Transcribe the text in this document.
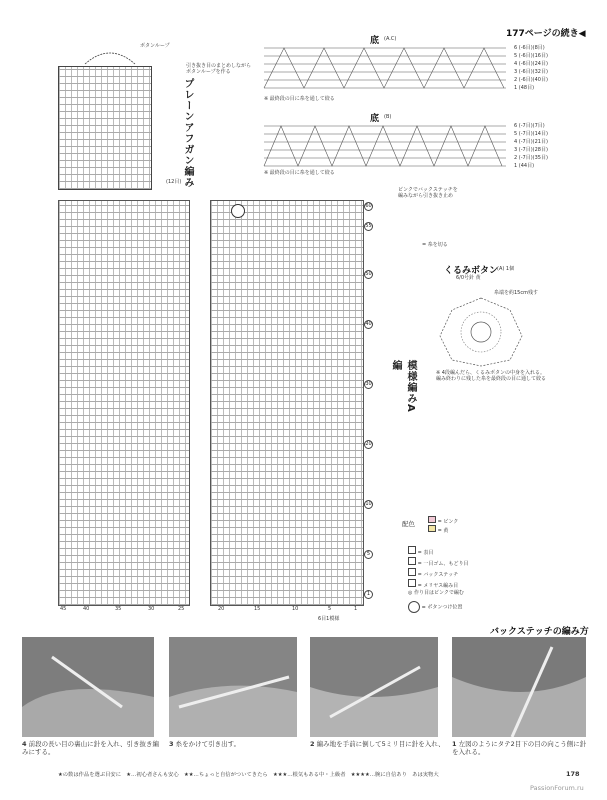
177ページの続き◀
ボタンループ
引き抜き目のまとめしながら
ボタンループを作る
プレーンアフガン編み
(12目)
底 (A.C)
6 (-6目)(8目)
5 (-6目)(16目)
4 (-6目)(24目)
3 (-6目)(32目)
2 (-6目)(40目)
1 (48目)
※ 最終段の目に糸を通して絞る
底 (B)
6 (-7目)(7目)
5 (-7目)(14目)
4 (-7目)(21目)
3 (-7目)(28目)
2 (-7目)(35目)
1 (44目)
※ 最終段の目に糸を通して絞る
ピンクでバックステッチを
編みながら引き抜き止め
60
55
50
40
30
20
10
5
1
模様編みA編
45	40	35	30	25	20	15	10	5	1
6目1模様
= 糸を切る
くるみボタン
(A) 1個
6/0号針 黄
糸端を約15cm残す
※ 4段編んだら、くるみボタンの中身を入れる。
編み終わりに残した糸を最終段の目に通して絞る
配色	= ピンク
= 黄
= 表目
= 一目ゴム、もどり目
= バックステッチ
= メリヤス編み目
◎ 作り目はピンクで編む
= ボタンつけ位置
バックステッチの編み方
4 前段の長い目の裏山に針を入れ、引き抜き編みにする。
3 糸をかけて引き出す。	2 編み地を手前に倒して5ミリ目に針を入れ、 1 左図のようにタテ2目下の目の向こう側に針を入れる。
★の数は作品を選ぶ目安に　★…初心者さんも安心　★★…ちょっと自信がついてきたら　★★★…根気もある中・上級者　★★★★…腕に自信あり　あは実物大	178
PassionForum.ru
